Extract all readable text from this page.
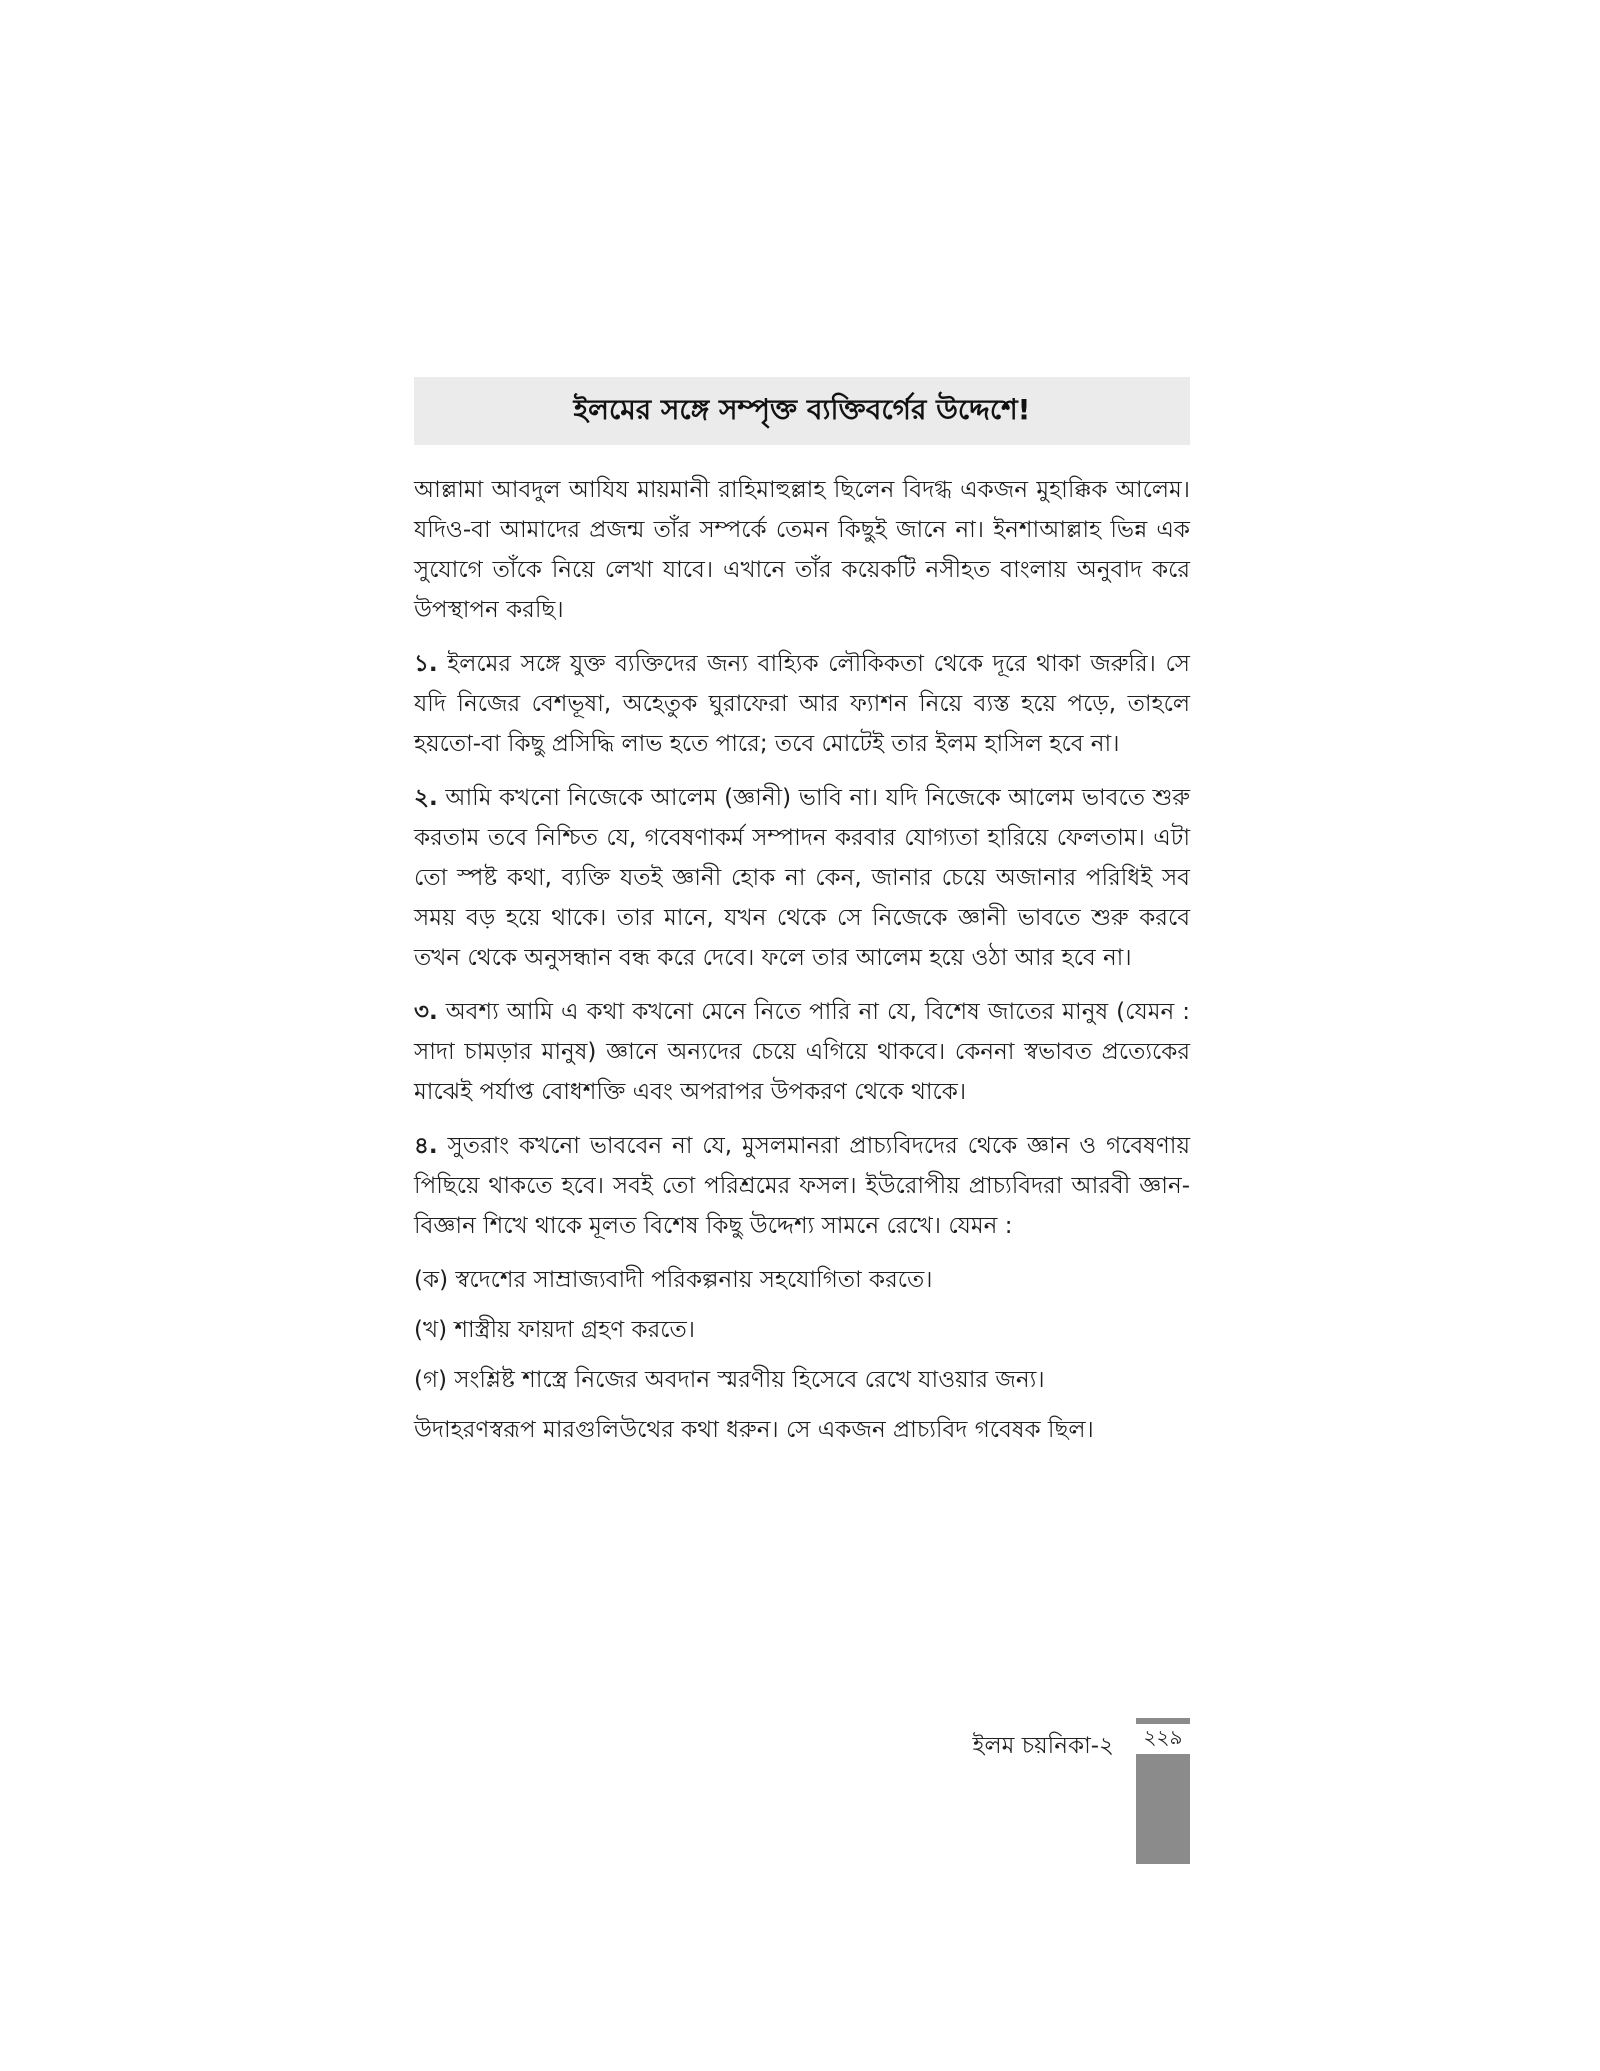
ইলমের সঙ্গে সম্পৃক্ত ব্যক্তিবর্গের উদ্দেশে!

আল্লামা আবদুল আযিয মায়মানী রাহিমাহুল্লাহ ছিলেন বিদগ্ধ একজন মুহাক্কিক আলেম। যদিও-বা আমাদের প্রজন্ম তাঁর সম্পর্কে তেমন কিছুই জানে না। ইনশাআল্লাহ ভিন্ন এক সুযোগে তাঁকে নিয়ে লেখা যাবে। এখানে তাঁর কয়েকটি নসীহত বাংলায় অনুবাদ করে উপস্থাপন করছি।

১. ইলমের সঙ্গে যুক্ত ব্যক্তিদের জন্য বাহ্যিক লৌকিকতা থেকে দূরে থাকা জরুরি। সে যদি নিজের বেশভূষা, অহেতুক ঘুরাফেরা আর ফ্যাশন নিয়ে ব্যস্ত হয়ে পড়ে, তাহলে হয়তো-বা কিছু প্রসিদ্ধি লাভ হতে পারে; তবে মোটেই তার ইলম হাসিল হবে না।

২. আমি কখনো নিজেকে আলেম (জ্ঞানী) ভাবি না। যদি নিজেকে আলেম ভাবতে শুরু করতাম তবে নিশ্চিত যে, গবেষণাকর্ম সম্পাদন করবার যোগ্যতা হারিয়ে ফেলতাম। এটা তো স্পষ্ট কথা, ব্যক্তি যতই জ্ঞানী হোক না কেন, জানার চেয়ে অজানার পরিধিই সব সময় বড় হয়ে থাকে। তার মানে, যখন থেকে সে নিজেকে জ্ঞানী ভাবতে শুরু করবে তখন থেকে অনুসন্ধান বন্ধ করে দেবে। ফলে তার আলেম হয়ে ওঠা আর হবে না।

৩. অবশ্য আমি এ কথা কখনো মেনে নিতে পারি না যে, বিশেষ জাতের মানুষ (যেমন : সাদা চামড়ার মানুষ) জ্ঞানে অন্যদের চেয়ে এগিয়ে থাকবে। কেননা স্বভাবত প্রত্যেকের মাঝেই পর্যাপ্ত বোধশক্তি এবং অপরাপর উপকরণ থেকে থাকে।

৪. সুতরাং কখনো ভাববেন না যে, মুসলমানরা প্রাচ্যবিদদের থেকে জ্ঞান ও গবেষণায় পিছিয়ে থাকতে হবে। সবই তো পরিশ্রমের ফসল। ইউরোপীয় প্রাচ্যবিদরা আরবী জ্ঞান-বিজ্ঞান শিখে থাকে মূলত বিশেষ কিছু উদ্দেশ্য সামনে রেখে। যেমন :

(ক) স্বদেশের সাম্রাজ্যবাদী পরিকল্পনায় সহযোগিতা করতে।

(খ) শাস্ত্রীয় ফায়দা গ্রহণ করতে।

(গ) সংশ্লিষ্ট শাস্ত্রে নিজের অবদান স্মরণীয় হিসেবে রেখে যাওয়ার জন্য।

উদাহরণস্বরূপ মারগুলিউথের কথা ধরুন। সে একজন প্রাচ্যবিদ গবেষক ছিল।

ইলম চয়নিকা-২	২২৯
